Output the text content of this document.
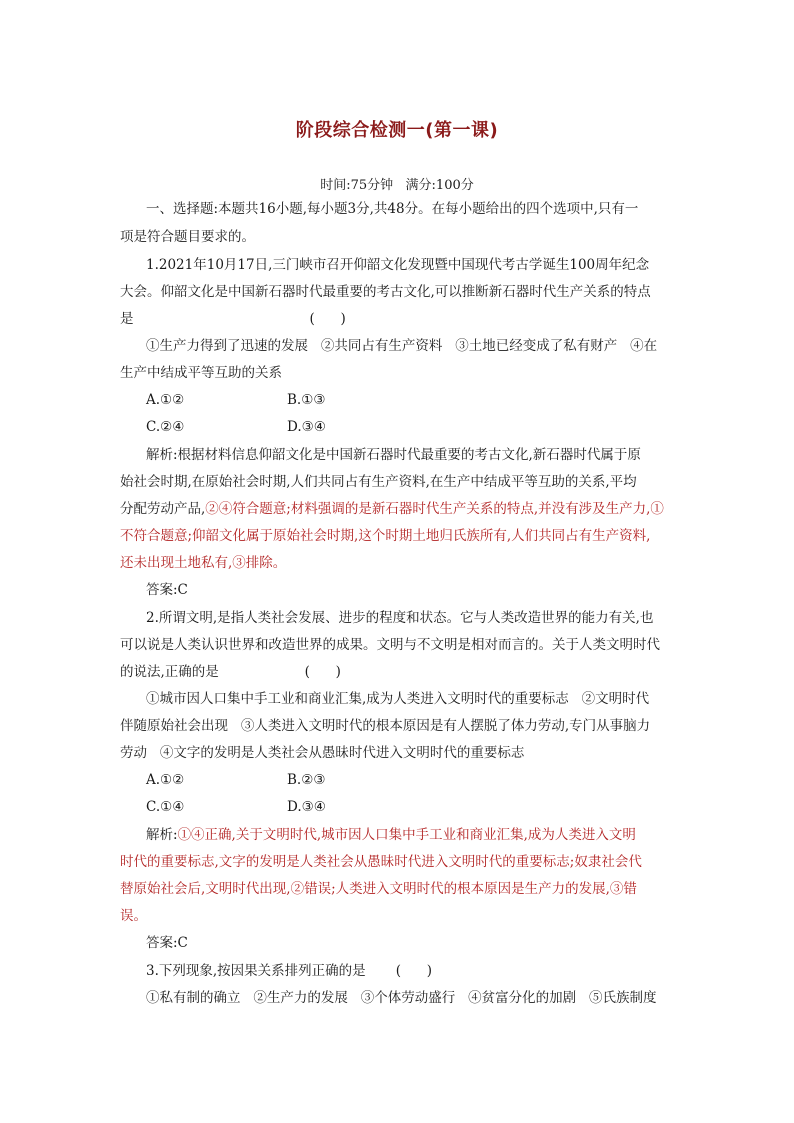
阶段综合检测一(第一课)
时间:75分钟   满分:100分
一、选择题:本题共16小题,每小题3分,共48分。在每小题给出的四个选项中,只有一
项是符合题目要求的。
1.2021年10月17日,三门峡市召开仰韶文化发现暨中国现代考古学诞生100周年纪念
大会。仰韶文化是中国新石器时代最重要的考古文化,可以推断新石器时代生产关系的特点
是                                         (      )
①生产力得到了迅速的发展   ②共同占有生产资料   ③土地已经变成了私有财产   ④在
生产中结成平等互助的关系
A.①②	B.①③
C.②④	D.③④
解析:根据材料信息仰韶文化是中国新石器时代最重要的考古文化,新石器时代属于原
始社会时期,在原始社会时期,人们共同占有生产资料,在生产中结成平等互助的关系,平均
分配劳动产品,②④符合题意;材料强调的是新石器时代生产关系的特点,并没有涉及生产力,①
不符合题意;仰韶文化属于原始社会时期,这个时期土地归氏族所有,人们共同占有生产资料,
还未出现土地私有,③排除。
答案:C
2.所谓文明,是指人类社会发展、进步的程度和状态。它与人类改造世界的能力有关,也
可以说是人类认识世界和改造世界的成果。文明与不文明是相对而言的。关于人类文明时代
的说法,正确的是                    (      )
①城市因人口集中手工业和商业汇集,成为人类进入文明时代的重要标志   ②文明时代
伴随原始社会出现   ③人类进入文明时代的根本原因是有人摆脱了体力劳动,专门从事脑力
劳动   ④文字的发明是人类社会从愚昧时代进入文明时代的重要标志
A.①②	B.②③
C.①④	D.③④
解析:①④正确,关于文明时代,城市因人口集中手工业和商业汇集,成为人类进入文明
时代的重要标志,文字的发明是人类社会从愚昧时代进入文明时代的重要标志;奴隶社会代
替原始社会后,文明时代出现,②错误;人类进入文明时代的根本原因是生产力的发展,③错
误。
答案:C
3.下列现象,按因果关系排列正确的是       (      )
①私有制的确立   ②生产力的发展   ③个体劳动盛行   ④贫富分化的加剧   ⑤氏族制度
